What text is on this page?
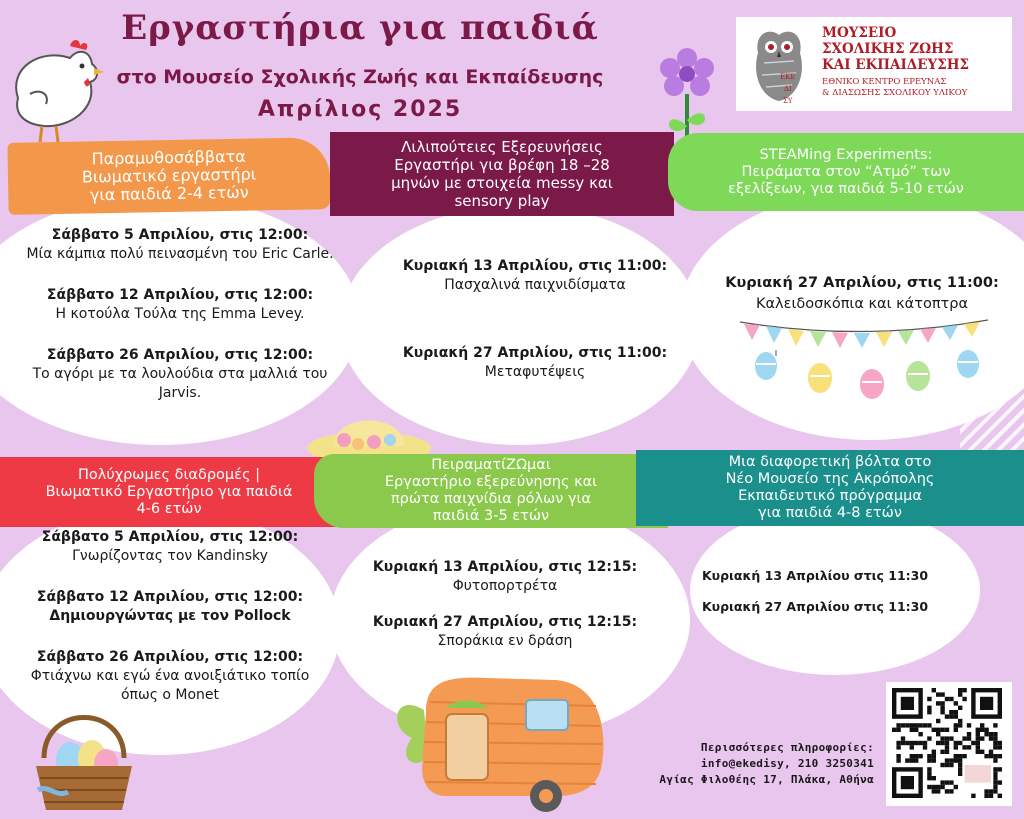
Εργαστήρια για παιδιά
στο Μουσείο Σχολικής Ζωής και Εκπαίδευσης
Απρίλιος 2025
ΕΚΕ
ΔΙ
ΣΥ
ΜΟΥΣΕΙΟ
ΣΧΟΛΙΚΗΣ ΖΩΗΣ
ΚΑΙ ΕΚΠΑΙΔΕΥΣΗΣ
ΕΘΝΙΚΟ ΚΕΝΤΡΟ ΕΡΕΥΝΑΣ
& ΔΙΑΣΩΣΗΣ ΣΧΟΛΙΚΟΥ ΥΛΙΚΟΥ
Παραμυθοσάββατα
Βιωματικό εργαστήρι
για παιδιά 2-4 ετών
Λιλιπούτειες Εξερευνήσεις
Εργαστήρι για βρέφη 18 –28
μηνών με στοιχεία messy και
sensory play
STEAMing Experiments:
Πειράματα στον “Ατμό” των
εξελίξεων, για παιδιά 5-10 ετών
Σάββατο 5 Απριλίου, στις 12:00:
Μία κάμπια πολύ πεινασμένη του Eric Carle.
Σάββατο 12 Απριλίου, στις 12:00:
Η κοτούλα Τούλα της Emma Levey.
Σάββατο 26 Απριλίου, στις 12:00:
Το αγόρι με τα λουλούδια στα μαλλιά του Jarvis.
Κυριακή 13 Απριλίου, στις 11:00:
Πασχαλινά παιχνιδίσματα
Κυριακή 27 Απριλίου, στις 11:00:
Μεταφυτέψεις
Κυριακή 27 Απριλίου, στις 11:00:
Καλειδοσκόπια και κάτοπτρα
Πολύχρωμες διαδρομές |
Βιωματικό Εργαστήριο για παιδιά
4-6 ετών
ΠειραματίΖΩμαι
Εργαστήριο εξερεύνησης και
πρώτα παιχνίδια ρόλων για
παιδιά 3-5 ετών
Μια διαφορετική βόλτα στο
Νέο Μουσείο της Ακρόπολης
Εκπαιδευτικό πρόγραμμα
για παιδιά 4-8 ετών
Σάββατο 5 Απριλίου, στις 12:00:
Γνωρίζοντας τον Kandinsky
Σάββατο 12 Απριλίου, στις 12:00:
Δημιουργώντας με τον Pollock
Σάββατο 26 Απριλίου, στις 12:00:
Φτιάχνω και εγώ ένα ανοιξιάτικο τοπίο όπως ο Monet
Κυριακή 13 Απριλίου, στις 12:15:
Φυτοπορτρέτα
Κυριακή 27 Απριλίου, στις 12:15:
Σποράκια εν δράση
Κυριακή 13 Απριλίου στις 11:30
Κυριακή 27 Απριλίου στις 11:30
Περισσότερες πληροφορίες:
info@ekedisy, 210 3250341
Αγίας Φιλοθέης 17, Πλάκα, Αθήνα
